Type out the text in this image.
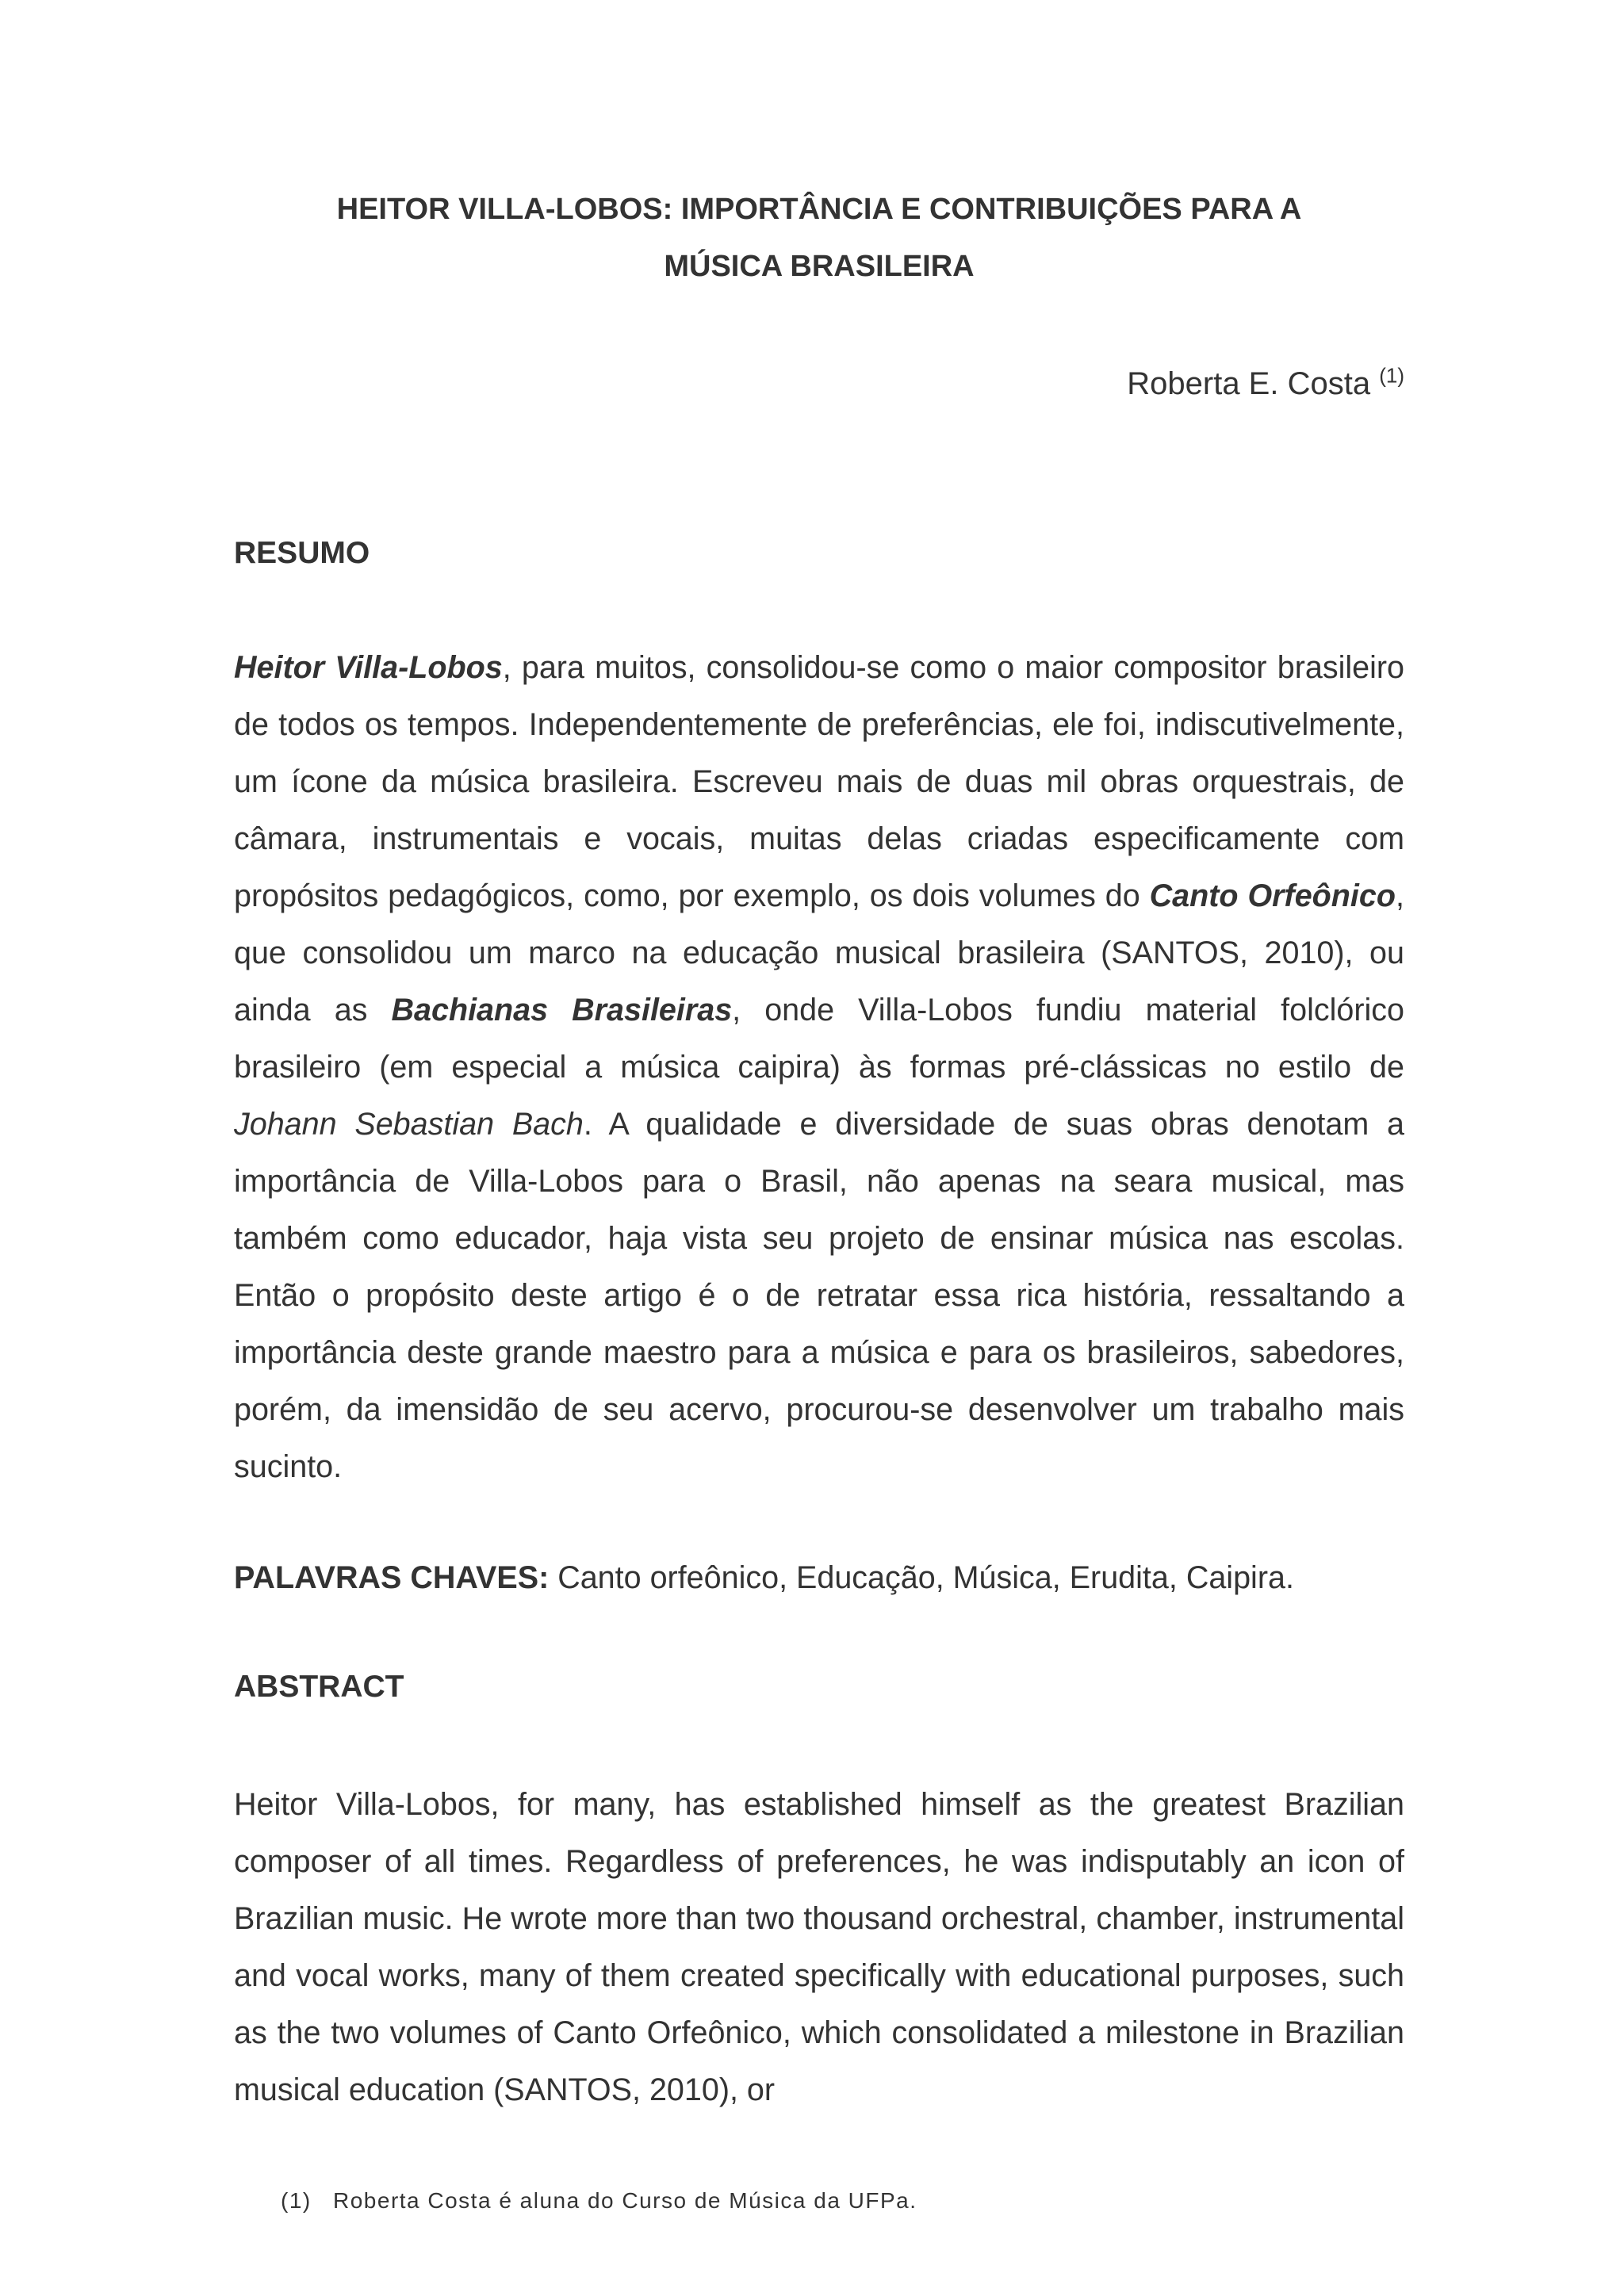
HEITOR VILLA-LOBOS: IMPORTÂNCIA E CONTRIBUIÇÕES PARA A
MÚSICA BRASILEIRA

Roberta E. Costa $^{(1)}$

RESUMO

Heitor Villa-Lobos, para muitos, consolidou-se como o maior compositor brasileiro de todos os tempos. Independentemente de preferências, ele foi, indiscutivelmente, um ícone da música brasileira. Escreveu mais de duas mil obras orquestrais, de câmara, instrumentais e vocais, muitas delas criadas especificamente com propósitos pedagógicos, como, por exemplo, os dois volumes do Canto Orfeônico, que consolidou um marco na educação musical brasileira (SANTOS, 2010), ou ainda as Bachianas Brasileiras, onde Villa-Lobos fundiu material folclórico brasileiro (em especial a música caipira) às formas pré-clássicas no estilo de Johann Sebastian Bach. A qualidade e diversidade de suas obras denotam a importância de Villa-Lobos para o Brasil, não apenas na seara musical, mas também como educador, haja vista seu projeto de ensinar música nas escolas. Então o propósito deste artigo é o de retratar essa rica história, ressaltando a importância deste grande maestro para a música e para os brasileiros, sabedores, porém, da imensidão de seu acervo, procurou-se desenvolver um trabalho mais sucinto.

PALAVRAS CHAVES: Canto orfeônico, Educação, Música, Erudita, Caipira.

ABSTRACT

Heitor Villa-Lobos, for many, has established himself as the greatest Brazilian composer of all times. Regardless of preferences, he was indisputably an icon of Brazilian music. He wrote more than two thousand orchestral, chamber, instrumental and vocal works, many of them created specifically with educational purposes, such as the two volumes of Canto Orfeônico, which consolidated a milestone in Brazilian musical education (SANTOS, 2010), or

(1) Roberta Costa é aluna do Curso de Música da UFPa.
